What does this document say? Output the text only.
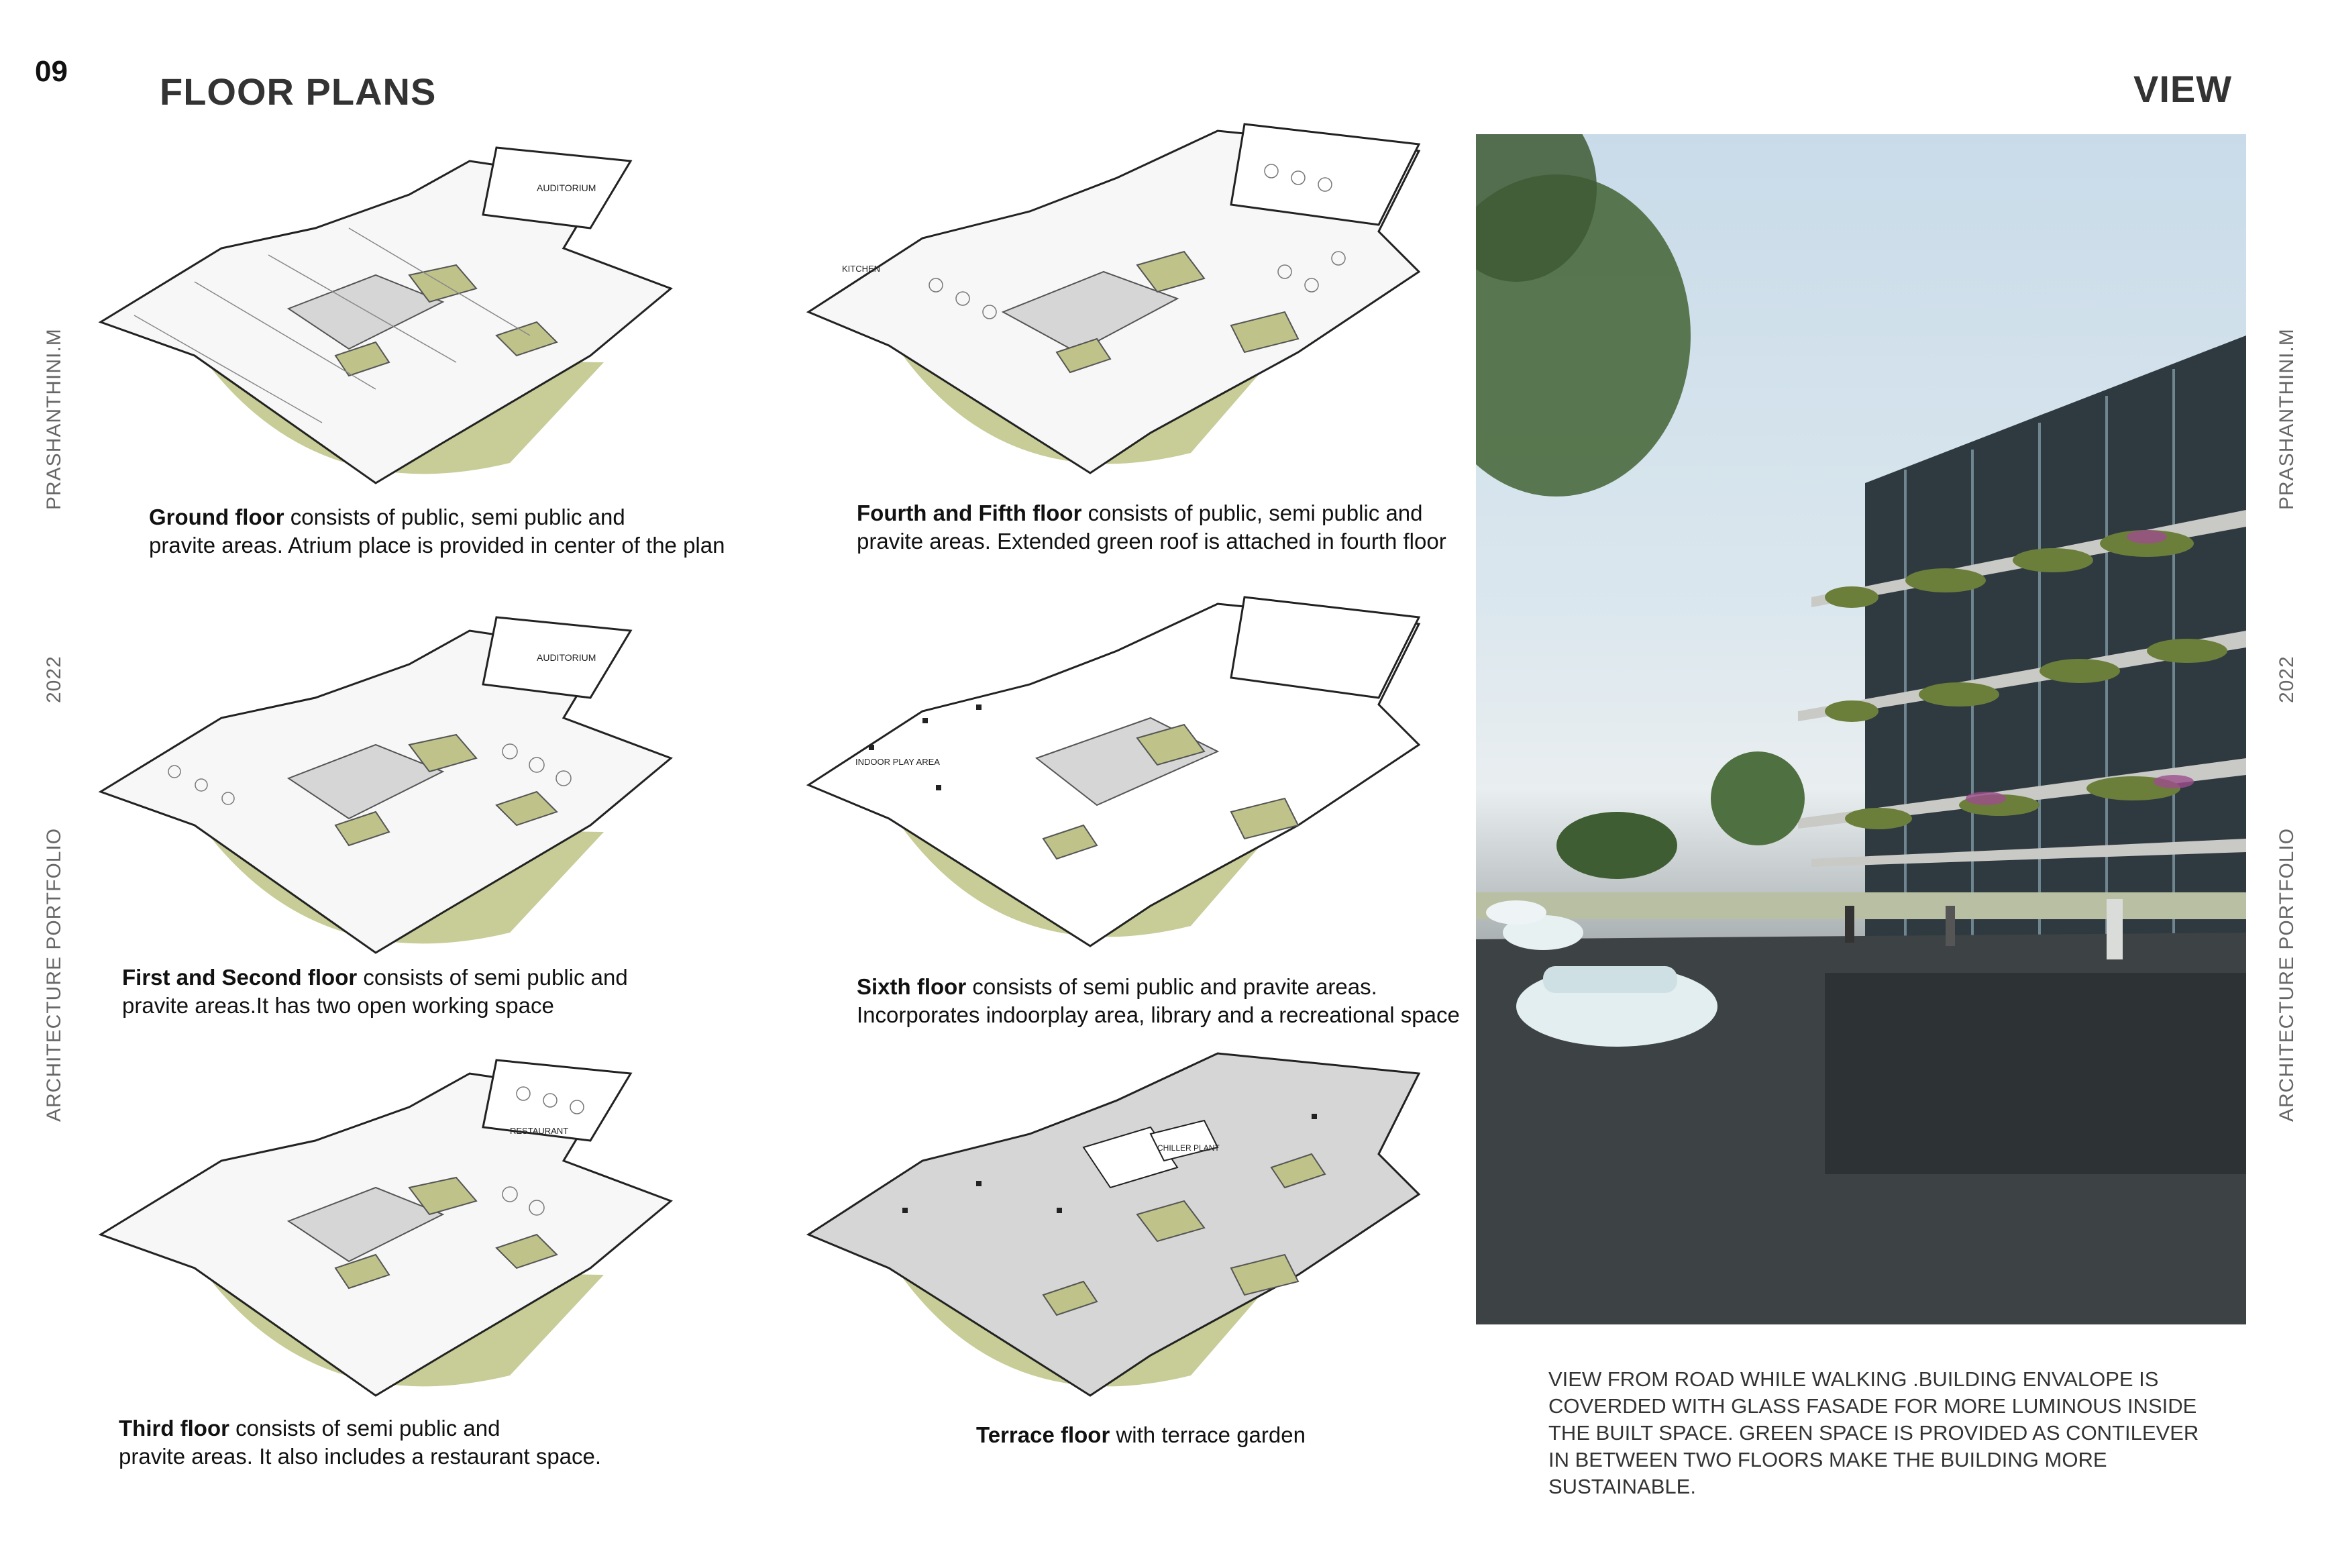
09 FLOOR PLANS	VIEW
PRASHANTHINI.M
2022
ARCHITECTURE PORTFOLIO
PRASHANTHINI.M
2022
ARCHITECTURE PORTFOLIO
AUDITORIUM
KITCHEN
AUDITORIUM
INDOOR PLAY AREA
RESTAURANT
CHILLER PLANT
Ground floor consists of public, semi public and
pravite areas. Atrium place is provided in center of the plan
Fourth and Fifth floor consists of public, semi public and
pravite areas. Extended green roof is attached in fourth floor
First and Second floor consists of semi public and
pravite areas.It has two open working space
Sixth floor consists of semi public and pravite areas.
Incorporates indoorplay area, library and a recreational space
Third floor consists of semi public and
pravite areas. It also includes a restaurant space.
Terrace floor with terrace garden
VIEW FROM ROAD WHILE WALKING .BUILDING ENVALOPE IS COVERDED WITH GLASS FASADE FOR MORE LUMINOUS INSIDE THE BUILT SPACE. GREEN SPACE IS PROVIDED AS CONTILEVER IN BETWEEN TWO FLOORS MAKE THE BUILDING MORE SUSTAINABLE.
